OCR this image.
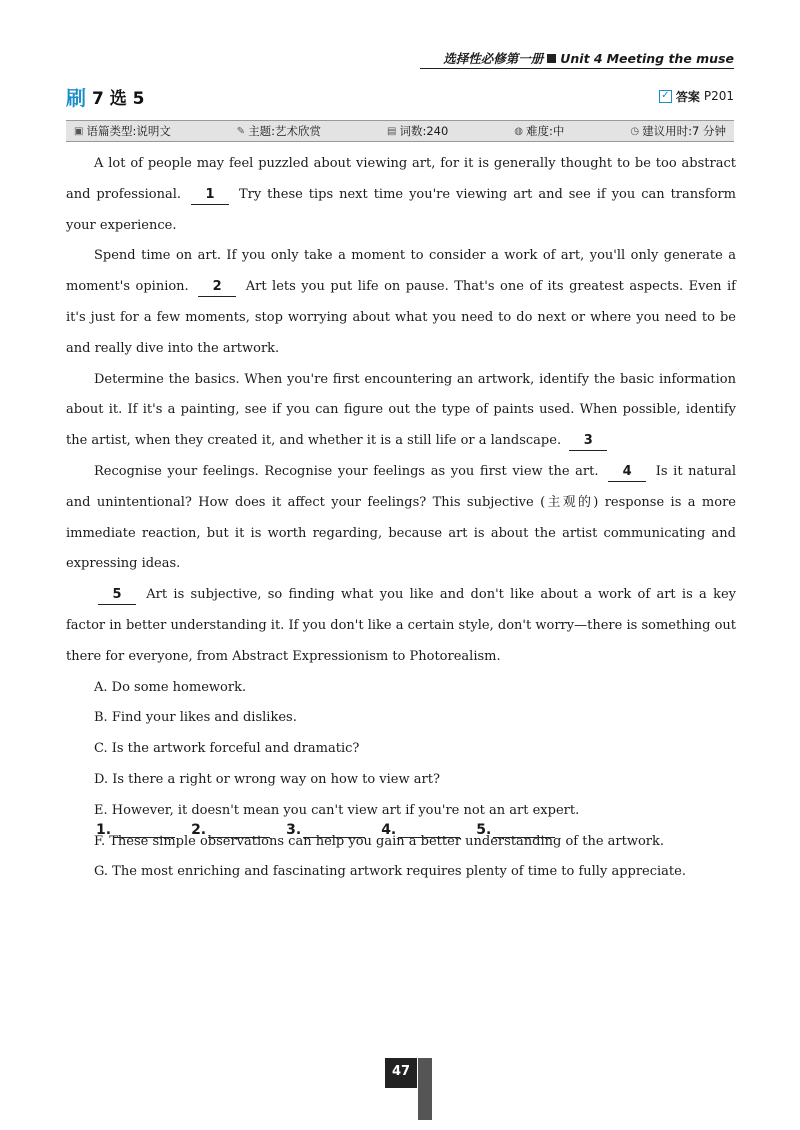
选择性必修第一册 Unit 4 Meeting the muse
刷 7 选 5	✓ 答案 P201
▣ 语篇类型:说明文	✎ 主题:艺术欣赏	▤ 词数:240	◍ 难度:中	◷ 建议用时:7 分钟

A lot of people may feel puzzled about viewing art, for it is generally thought to be too abstract and professional. 1 Try these tips next time you're viewing art and see if you can transform your experience.

Spend time on art. If you only take a moment to consider a work of art, you'll only generate a moment's opinion. 2 Art lets you put life on pause. That's one of its greatest aspects. Even if it's just for a few moments, stop worrying about what you need to do next or where you need to be and really dive into the artwork.

Determine the basics. When you're first encountering an artwork, identify the basic information about it. If it's a painting, see if you can figure out the type of paints used. When possible, identify the artist, when they created it, and whether it is a still life or a landscape. 3

Recognise your feelings. Recognise your feelings as you first view the art. 4 Is it natural and unintentional? How does it affect your feelings? This subjective (主观的) response is a more immediate reaction, but it is worth regarding, because art is about the artist communicating and expressing ideas.

5 Art is subjective, so finding what you like and don't like about a work of art is a key factor in better understanding it. If you don't like a certain style, don't worry—there is something out there for everyone, from Abstract Expressionism to Photorealism.

A. Do some homework.

B. Find your likes and dislikes.

C. Is the artwork forceful and dramatic?

D. Is there a right or wrong way on how to view art?

E. However, it doesn't mean you can't view art if you're not an art expert.

F. These simple observations can help you gain a better understanding of the artwork.

G. The most enriching and fascinating artwork requires plenty of time to fully appreciate.

1.	2.	3.	4.	5.
47
